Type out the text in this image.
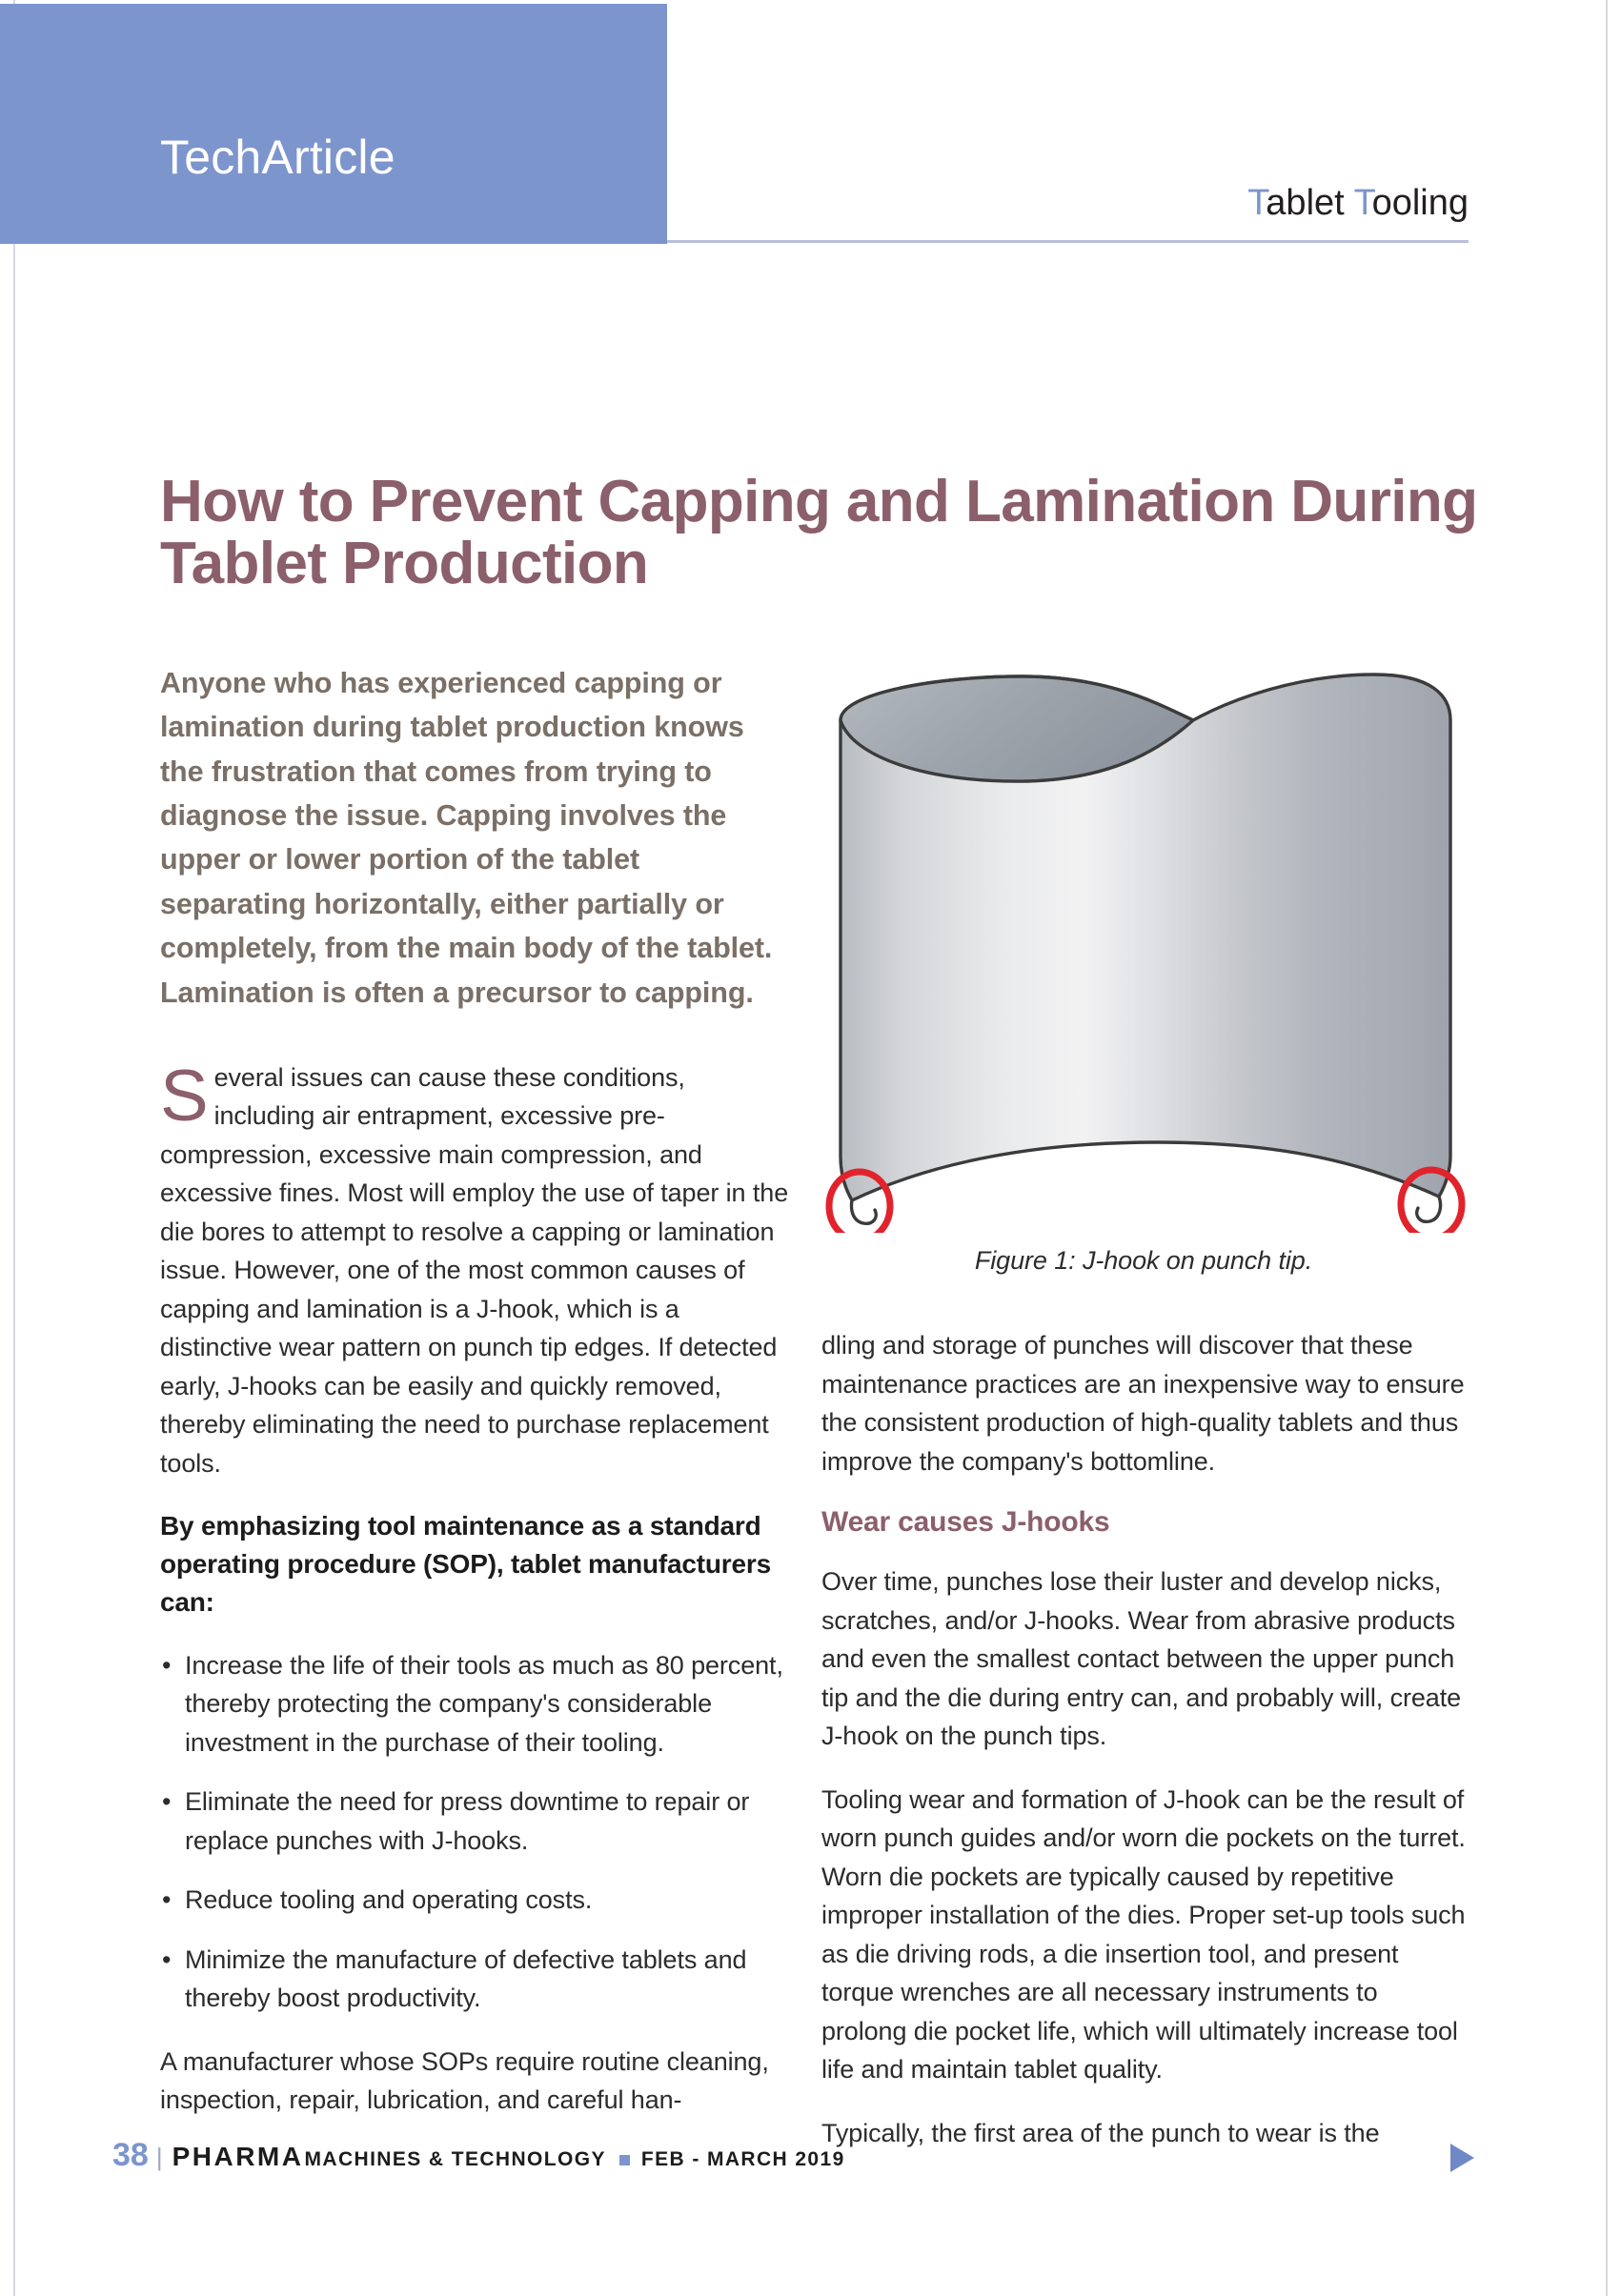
TechArticle
Tablet Tooling
How to Prevent Capping and Lamination During Tablet Production

Anyone who has experienced capping or lamination during tablet production knows the frustration that comes from trying to diagnose the issue. Capping involves the upper or lower portion of the tablet separating horizontally, either partially or completely, from the main body of the tablet. Lamination is often a precursor to capping.

Several issues can cause these conditions, including air entrapment, excessive pre-compression, excessive main compression, and excessive fines. Most will employ the use of taper in the die bores to attempt to resolve a capping or lamination issue. However, one of the most common causes of capping and lamination is a J-hook, which is a distinctive wear pattern on punch tip edges. If detected early, J-hooks can be easily and quickly removed, thereby eliminating the need to purchase replacement tools.

By emphasizing tool maintenance as a standard operating procedure (SOP), tablet manufacturers can:

• Increase the life of their tools as much as 80 percent, thereby protecting the company's considerable investment in the purchase of their tooling.
• Eliminate the need for press downtime to repair or replace punches with J-hooks.
• Reduce tooling and operating costs.
• Minimize the manufacture of defective tablets and thereby boost productivity.

A manufacturer whose SOPs require routine cleaning, inspection, repair, lubrication, and careful han-

Figure 1: J-hook on punch tip.

dling and storage of punches will discover that these maintenance practices are an inexpensive way to ensure the consistent production of high-quality tablets and thus improve the company's bottomline.

Wear causes J-hooks

Over time, punches lose their luster and develop nicks, scratches, and/or J-hooks. Wear from abrasive products and even the smallest contact between the upper punch tip and the die during entry can, and probably will, create J-hook on the punch tips.

Tooling wear and formation of J-hook can be the result of worn punch guides and/or worn die pockets on the turret. Worn die pockets are typically caused by repetitive improper installation of the dies. Proper set-up tools such as die driving rods, a die insertion tool, and present torque wrenches are all necessary instruments to prolong die pocket life, which will ultimately increase tool life and maintain tablet quality.

Typically, the first area of the punch to wear is the

38 | PHARMA MACHINES & TECHNOLOGY FEB - MARCH 2019
